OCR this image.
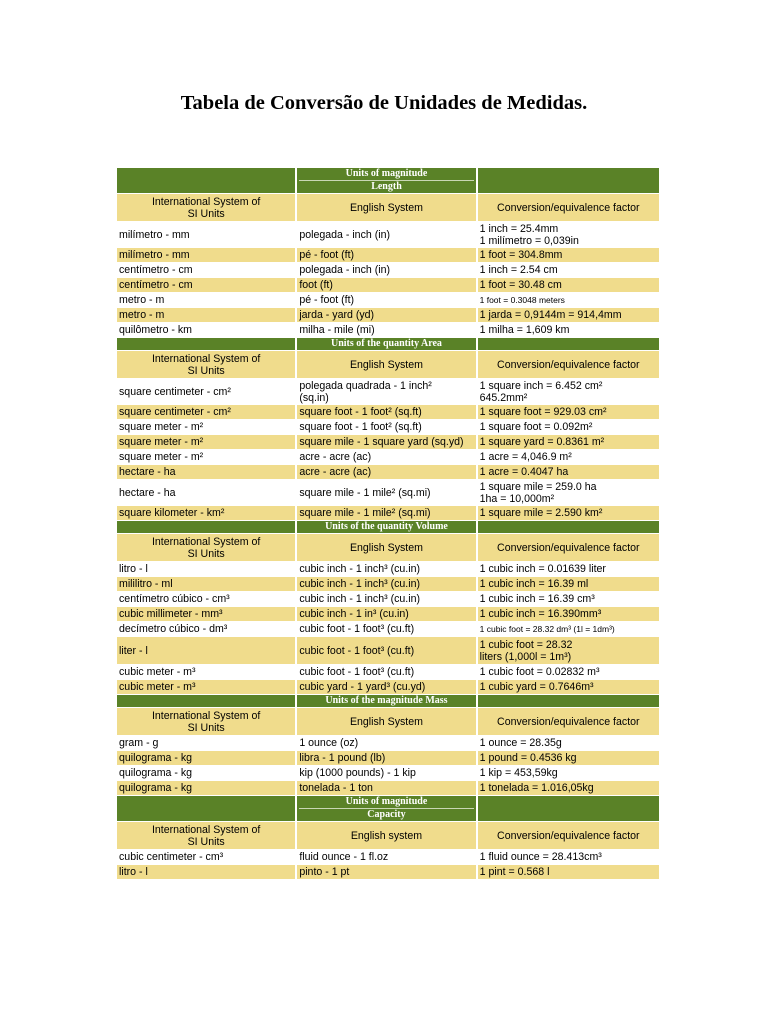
Tabela de Conversão de Unidades de Medidas.

	Units of magnitude
Length	

International System of
SI Units	English System	Conversion/equivalence factor
milímetro - mm	polegada - inch (in)	1 inch = 25.4mm
1 milímetro = 0,039in
milímetro - mm	pé - foot (ft)	1 foot = 304.8mm
centímetro - cm	polegada - inch (in)	1 inch = 2.54 cm
centímetro - cm	foot (ft)	1 foot = 30.48 cm
metro - m	pé - foot (ft)	1 foot = 0.3048 meters
metro - m	jarda - yard (yd)	1 jarda = 0,9144m = 914,4mm
quilômetro - km	milha - mile (mi)	1 milha = 1,609 km

	Units of the quantity Area	

International System of
SI Units	English System	Conversion/equivalence factor
square centimeter - cm²	polegada quadrada - 1 inch²
(sq.in)	1 square inch = 6.452 cm²
645.2mm²
square centimeter - cm²	square foot - 1 foot² (sq.ft)	1 square foot = 929.03 cm²
square meter - m²	square foot - 1 foot² (sq.ft)	1 square foot = 0.092m²
square meter - m²	square mile - 1 square yard (sq.yd)	1 square yard = 0.8361 m²
square meter - m²	acre - acre (ac)	1 acre = 4,046.9 m²
hectare - ha	acre - acre (ac)	1 acre = 0.4047 ha
hectare - ha	square mile - 1 mile² (sq.mi)	1 square mile = 259.0 ha
1ha = 10,000m²
square kilometer - km²	square mile - 1 mile² (sq.mi)	1 square mile = 2.590 km²

	Units of the quantity Volume	

International System of
SI Units	English System	Conversion/equivalence factor
litro - l	cubic inch - 1 inch³ (cu.in)	1 cubic inch = 0.01639 liter
mililitro - ml	cubic inch - 1 inch³ (cu.in)	1 cubic inch = 16.39 ml
centímetro cúbico - cm³	cubic inch - 1 inch³ (cu.in)	1 cubic inch = 16.39 cm³
cubic millimeter - mm³	cubic inch - 1 in³ (cu.in)	1 cubic inch = 16.390mm³
decímetro cúbico - dm³	cubic foot - 1 foot³ (cu.ft)	1 cubic foot = 28.32 dm³ (1l = 1dm³)
liter - l	cubic foot - 1 foot³ (cu.ft)	1 cubic foot = 28.32
liters (1,000l = 1m³)
cubic meter - m³	cubic foot - 1 foot³ (cu.ft)	1 cubic foot = 0.02832 m³
cubic meter - m³	cubic yard - 1 yard³ (cu.yd)	1 cubic yard = 0.7646m³

	Units of the magnitude Mass	

International System of
SI Units	English System	Conversion/equivalence factor
gram - g	1 ounce (oz)	1 ounce = 28.35g
quilograma - kg	libra - 1 pound (lb)	1 pound = 0.4536 kg
quilograma - kg	kip (1000 pounds) - 1 kip	1 kip = 453,59kg
quilograma - kg	tonelada - 1 ton	1 tonelada = 1.016,05kg

	Units of magnitude
Capacity	

International System of
SI Units	English system	Conversion/equivalence factor
cubic centimeter - cm³	fluid ounce - 1 fl.oz	1 fluid ounce = 28.413cm³
litro - l	pinto - 1 pt	1 pint = 0.568 l
